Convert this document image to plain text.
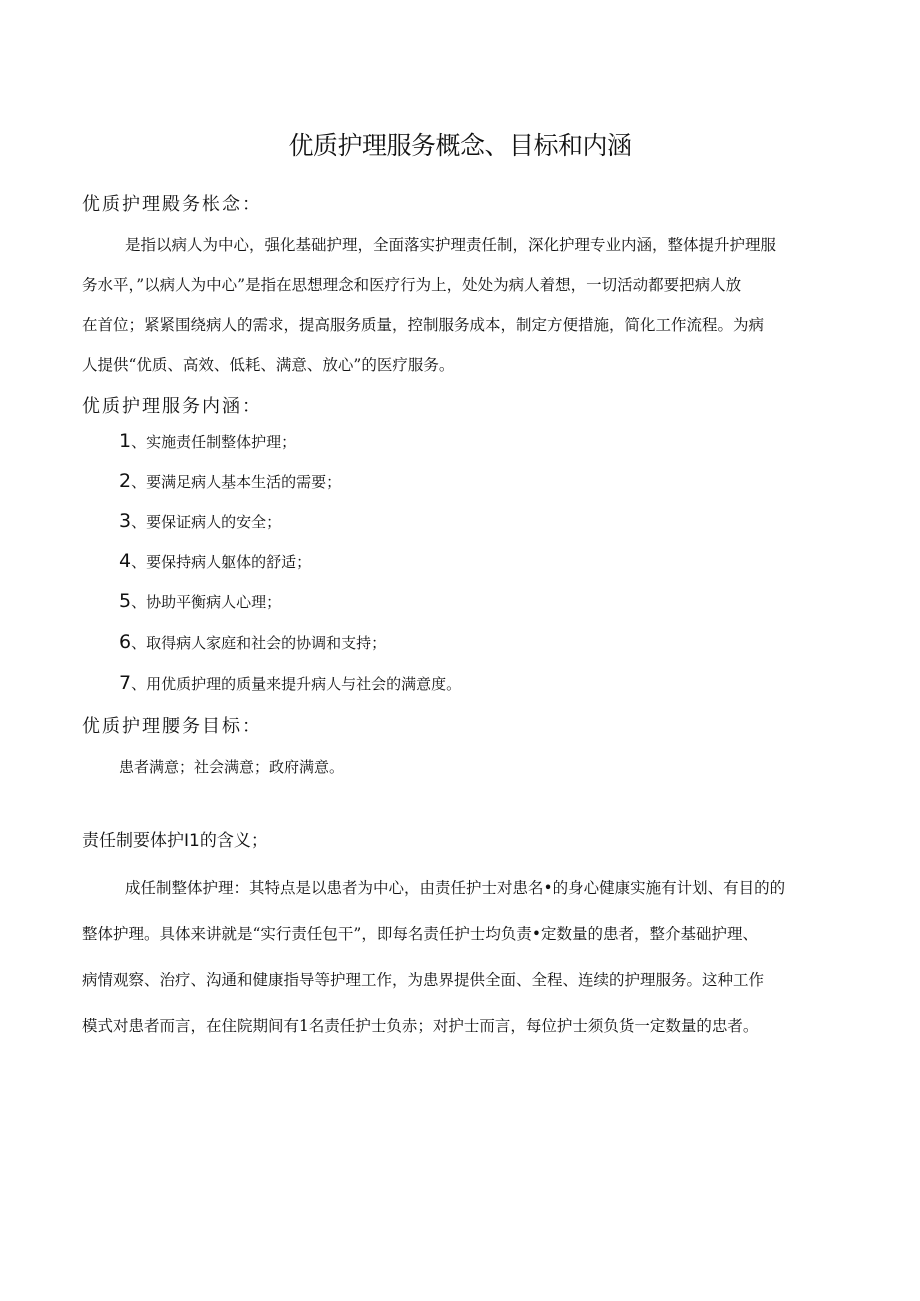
优质护理服务概念、目标和内涵
优质护理殿务枨念：

是指以病人为中心，强化基础护理，全面落实护理责任制，深化护理专业内涵，整体提升护理服

务水平，”以病人为中心”是指在思想理念和医疗行为上，处处为病人着想，一切活动都要把病人放

在首位；紧紧围绕病人的需求，提高服务质量，控制服务成本，制定方便措施，简化工作流程。为病

人提供“优质、高效、低耗、满意、放心”的医疗服务。

优质护理服务内涵：

1、实施责任制整体护理；

2、要满足病人基本生活的需要；

3、要保证病人的安全；

4、要保持病人躯体的舒适；

5、协助平衡病人心理；

6、取得病人家庭和社会的协调和支持；

7、用优质护理的质量来提升病人与社会的满意度。

优质护理腰务目标：

患者满意；社会满意；政府满意。

责任制要体护I1的含义；

成任制整体护理：其特点是以患者为中心，由责任护士对患名•的身心健康实施有计划、有目的的

整体护理。具体来讲就是“实行责任包干”，即每名责任护士均负责•定数量的患者，整介基础护理、

病情观察、治疗、沟通和健康指导等护理工作，为患界提供全面、全程、连续的护理服务。这种工作

模式对患者而言，在住院期间有1名责任护士负赤；对护士而言，每位护士须负货一定数量的忠者。
